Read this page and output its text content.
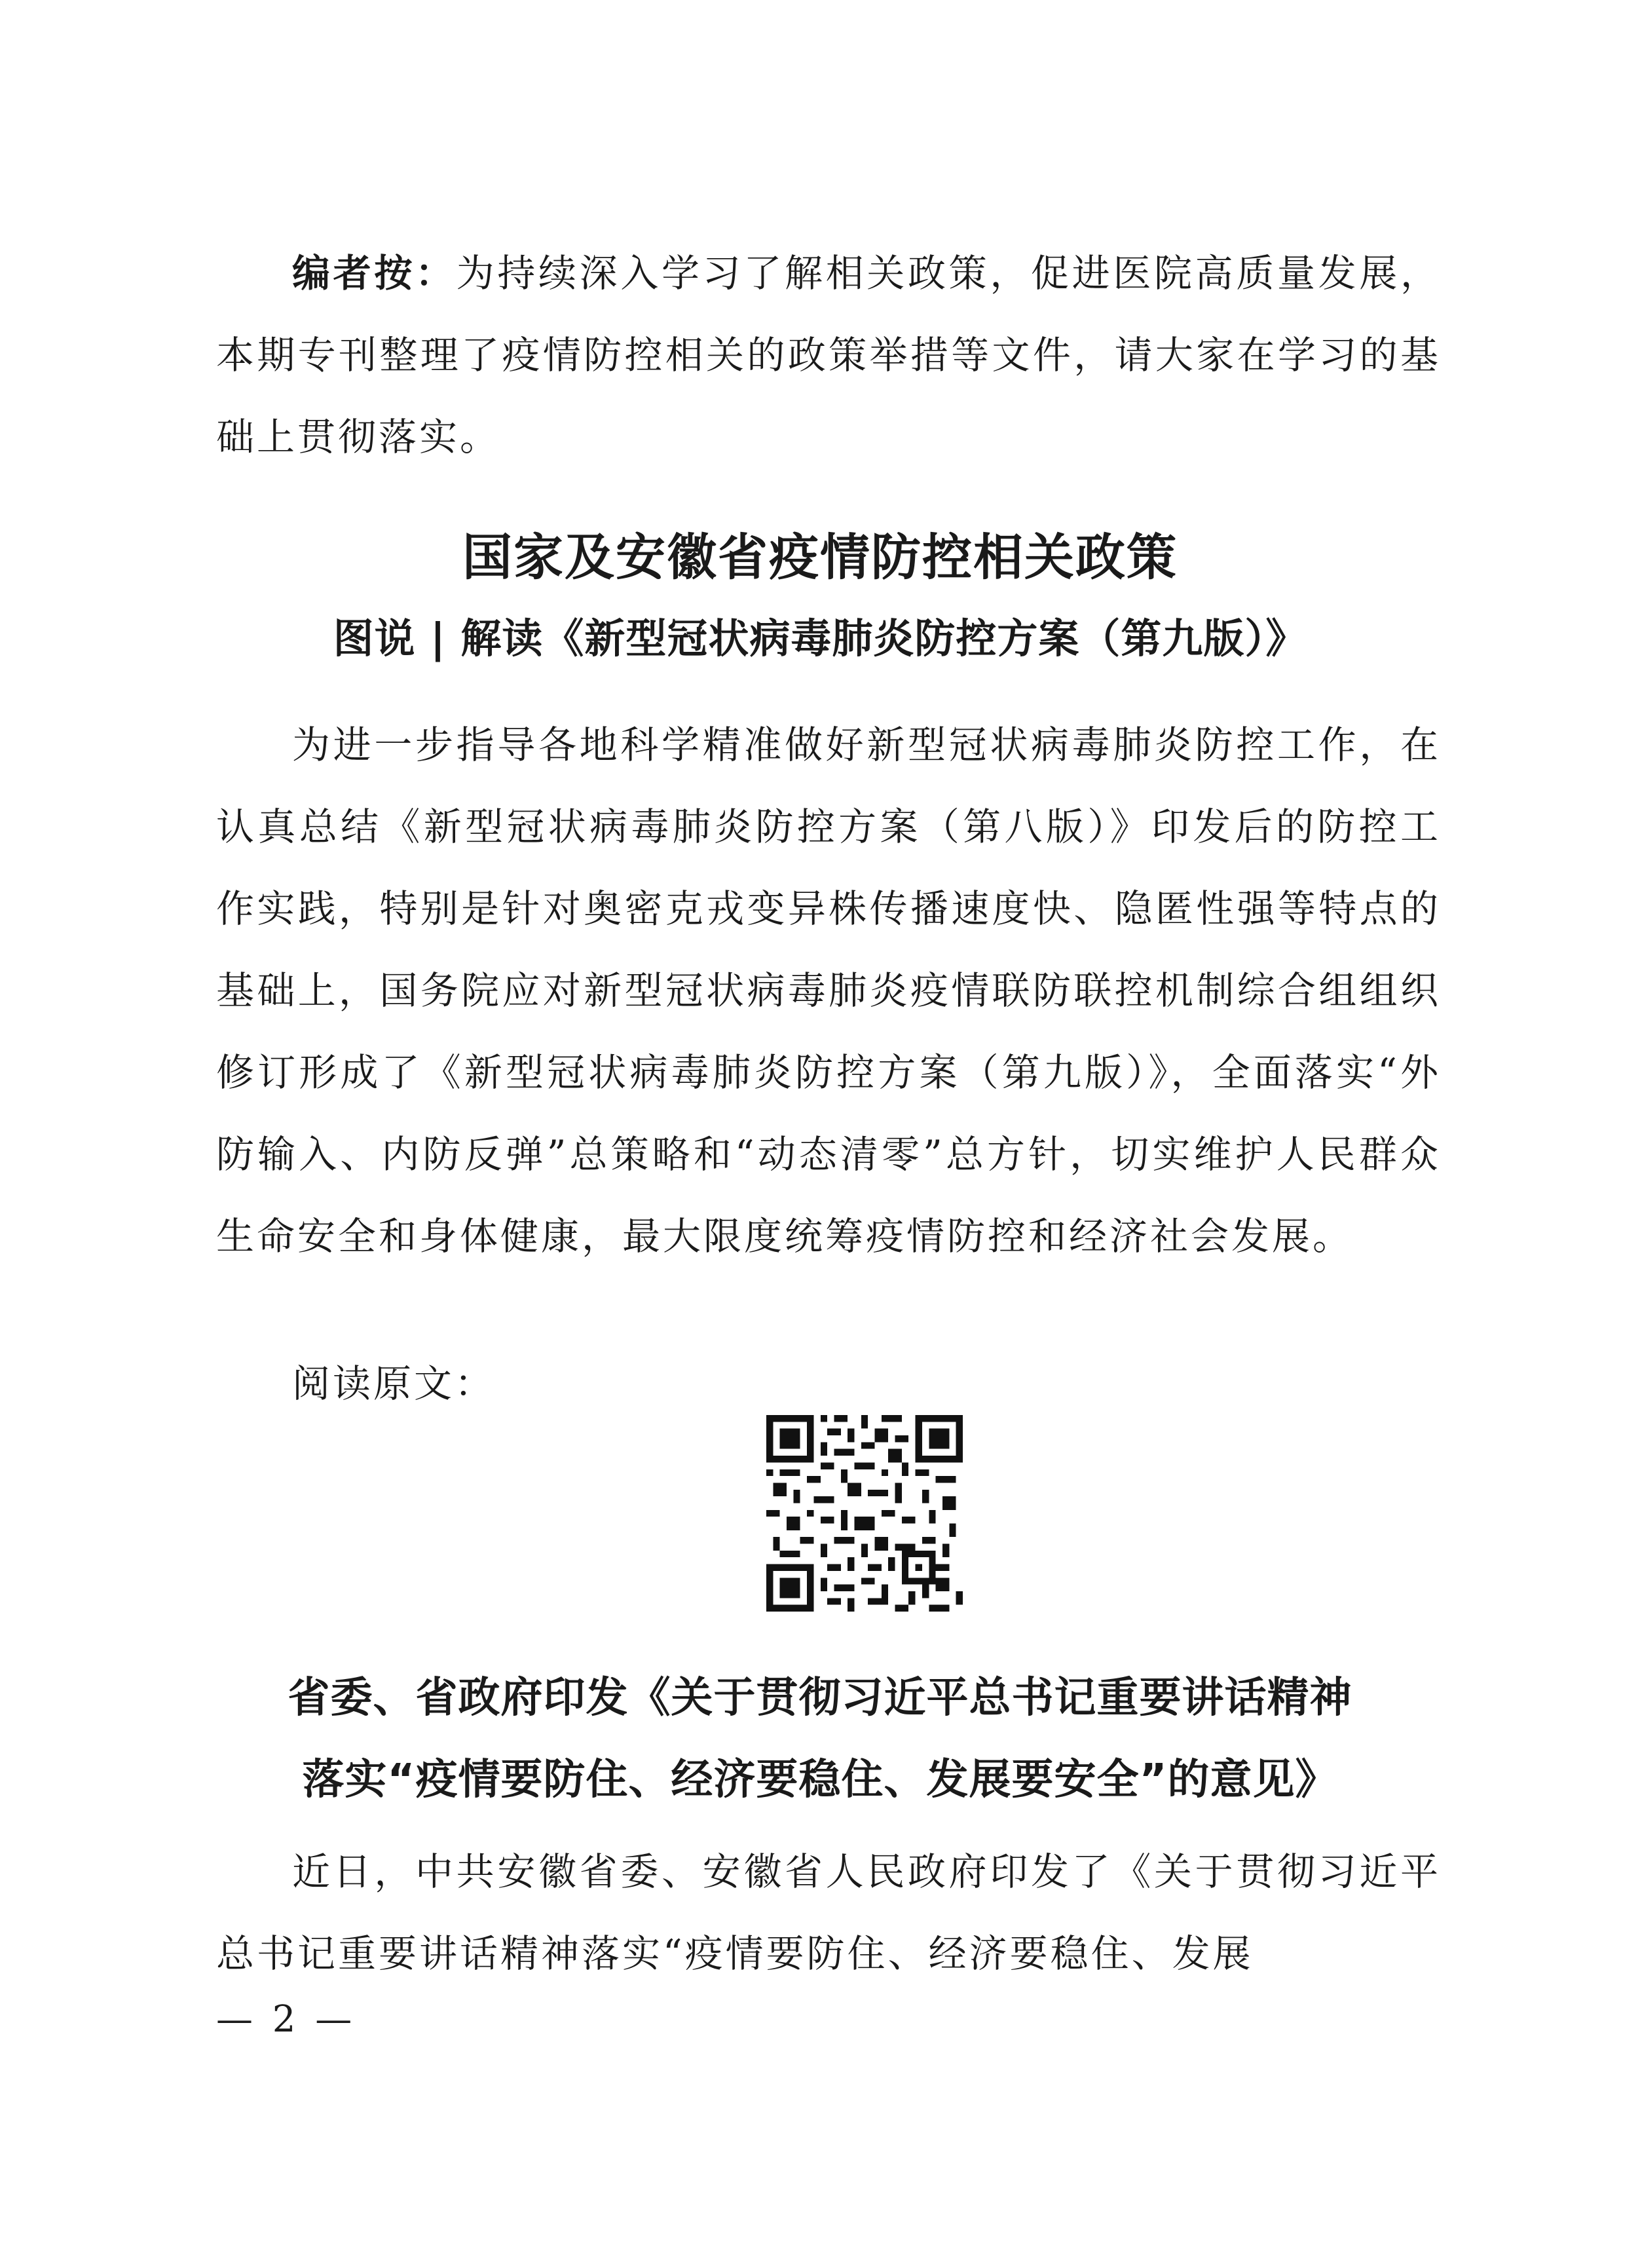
编者按：为持续深入学习了解相关政策，促进医院高质量发展，本期专刊整理了疫情防控相关的政策举措等文件，请大家在学习的基础上贯彻落实。

国家及安徽省疫情防控相关政策
图说 | 解读《新型冠状病毒肺炎防控方案（第九版）》

为进一步指导各地科学精准做好新型冠状病毒肺炎防控工作，在认真总结《新型冠状病毒肺炎防控方案（第八版）》印发后的防控工作实践，特别是针对奥密克戎变异株传播速度快、隐匿性强等特点的基础上，国务院应对新型冠状病毒肺炎疫情联防联控机制综合组组织修订形成了《新型冠状病毒肺炎防控方案（第九版）》，全面落实“外防输入、内防反弹”总策略和“动态清零”总方针，切实维护人民群众生命安全和身体健康，最大限度统筹疫情防控和经济社会发展。

阅读原文：

省委、省政府印发《关于贯彻习近平总书记重要讲话精神
落实“疫情要防住、经济要稳住、发展要安全”的意见》

近日，中共安徽省委、安徽省人民政府印发了《关于贯彻习近平总书记重要讲话精神落实“疫情要防住、经济要稳住、发展

— 2 —
